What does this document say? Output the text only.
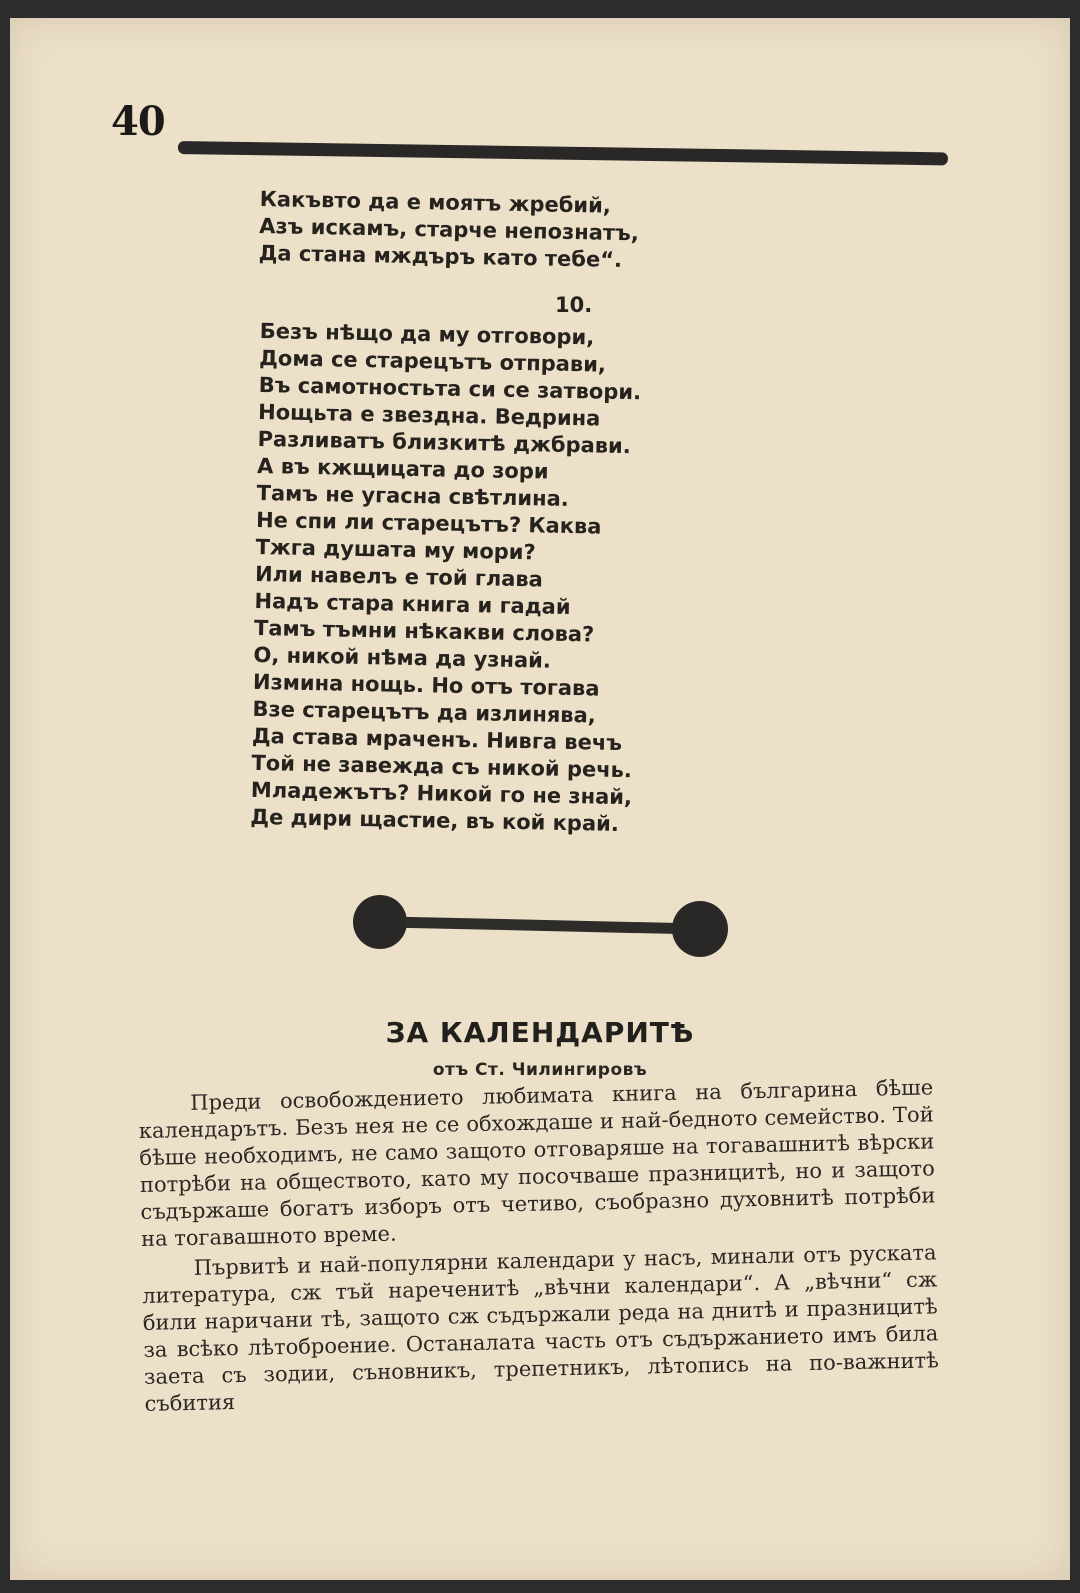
40
Какъвто да е моятъ жребий,
Азъ искамъ, старче непознатъ,
Да стана мждъръ като тебе“.
10.
Безъ нѣщо да му отговори,
Дома се старецътъ отправи,
Въ самотностьта си се затвори.
Нощьта е звездна. Ведрина
Разливатъ близкитѣ джбрави.
А въ кжщицата до зори
Тамъ не угасна свѣтлина.
Не спи ли старецътъ? Каква
Тжга душата му мори?
Или навелъ е той глава
Надъ стара книга и гадай
Тамъ тъмни нѣкакви слова?
О, никой нѣма да узнай.
Измина нощь. Но отъ тогава
Взе старецътъ да излинява,
Да става мраченъ. Нивга вечъ
Той не завежда съ никой речь.
Младежътъ? Никой го не знай,
Де дири щастие, въ кой край.
ЗА КАЛЕНДАРИТѢ
отъ Ст. Чилингировъ

Преди освобождението любимата книга на българина бѣше календарътъ. Безъ нея не се обхождаше и най-бедното семейство. Той бѣше необходимъ, не само защото отговаряше на тогавашнитѣ вѣрски потрѣби на обществото, като му посочваше празницитѣ, но и защото съдържаше богатъ изборъ отъ четиво, съобразно духовнитѣ потрѣби на тогавашното време.

Първитѣ и най-популярни календари у насъ, минали отъ руската литература, сж тъй нареченитѣ „вѣчни календари“. А „вѣчни“ сж били наричани тѣ, защото сж съдържали реда на днитѣ и празницитѣ за всѣко лѣтоброение. Останалата часть отъ съдържанието имъ била заета съ зодии, съновникъ, трепетникъ, лѣтопись на по-важнитѣ събития
